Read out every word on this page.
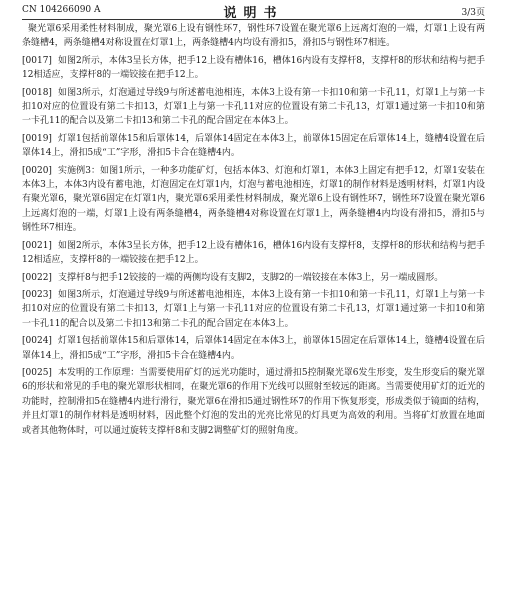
CN 104266090 A	说明书	3/3页

聚光罩6采用柔性材料制成，聚光罩6上设有钢性环7，钢性环7设置在聚光罩6上远离灯泡的一端，灯罩1上设有两条缝槽4，两条缝槽4对称设置在灯罩1上，两条缝槽4内均设有滑扣5，滑扣5与钢性环7相连。

[0017] 如图2所示，本体3呈长方体，把手12上设有槽体16，槽体16内设有支撑杆8，支撑杆8的形状和结构与把手12相适应，支撑杆8的一端铰接在把手12上。

[0018] 如图3所示，灯泡通过导线9与所述蓄电池相连，本体3上设有第一卡扣10和第一卡孔11，灯罩1上与第一卡扣10对应的位置设有第二卡扣13，灯罩1上与第一卡孔11对应的位置设有第二卡孔13，灯罩1通过第一卡扣10和第一卡孔11的配合以及第二卡扣13和第二卡孔的配合固定在本体3上。

[0019] 灯罩1包括前罩体15和后罩体14，后罩体14固定在本体3上，前罩体15固定在后罩体14上，缝槽4设置在后罩体14上，滑扣5成“工”字形，滑扣5卡合在缝槽4内。

[0020] 实施例3：如图1所示，一种多功能矿灯，包括本体3、灯泡和灯罩1，本体3上固定有把手12，灯罩1安装在本体3上，本体3内设有蓄电池，灯泡固定在灯罩1内，灯泡与蓄电池相连，灯罩1的制作材料是透明材料，灯罩1内设有聚光罩6，聚光罩6固定在灯罩1内，聚光罩6采用柔性材料制成，聚光罩6上设有钢性环7，钢性环7设置在聚光罩6上远离灯泡的一端，灯罩1上设有两条缝槽4，两条缝槽4对称设置在灯罩1上，两条缝槽4内均设有滑扣5，滑扣5与钢性环7相连。

[0021] 如图2所示，本体3呈长方体，把手12上设有槽体16，槽体16内设有支撑杆8，支撑杆8的形状和结构与把手12相适应，支撑杆8的一端铰接在把手12上。

[0022] 支撑杆8与把手12铰接的一端的两侧均设有支脚2，支脚2的一端铰接在本体3上，另一端成圆形。

[0023] 如图3所示，灯泡通过导线9与所述蓄电池相连，本体3上设有第一卡扣10和第一卡孔11，灯罩1上与第一卡扣10对应的位置设有第二卡扣13，灯罩1上与第一卡孔11对应的位置设有第二卡孔13，灯罩1通过第一卡扣10和第一卡孔11的配合以及第二卡扣13和第二卡孔的配合固定在本体3上。

[0024] 灯罩1包括前罩体15和后罩体14，后罩体14固定在本体3上，前罩体15固定在后罩体14上，缝槽4设置在后罩体14上，滑扣5成“工”字形，滑扣5卡合在缝槽4内。

[0025] 本发明的工作原理：当需要使用矿灯的远光功能时，通过滑扣5控制聚光罩6发生形变，发生形变后的聚光罩6的形状和常见的手电的聚光罩形状相同，在聚光罩6的作用下光线可以照射至较远的距离。当需要使用矿灯的近光的功能时，控制滑扣5在缝槽4内进行滑行，聚光罩6在滑扣5通过钢性环7的作用下恢复形变，形成类似于镜面的结构，并且灯罩1的制作材料是透明材料，因此整个灯泡的发出的光亮比常见的灯具更为高效的利用。当将矿灯放置在地面或者其他物体时，可以通过旋转支撑杆8和支脚2调整矿灯的照射角度。
